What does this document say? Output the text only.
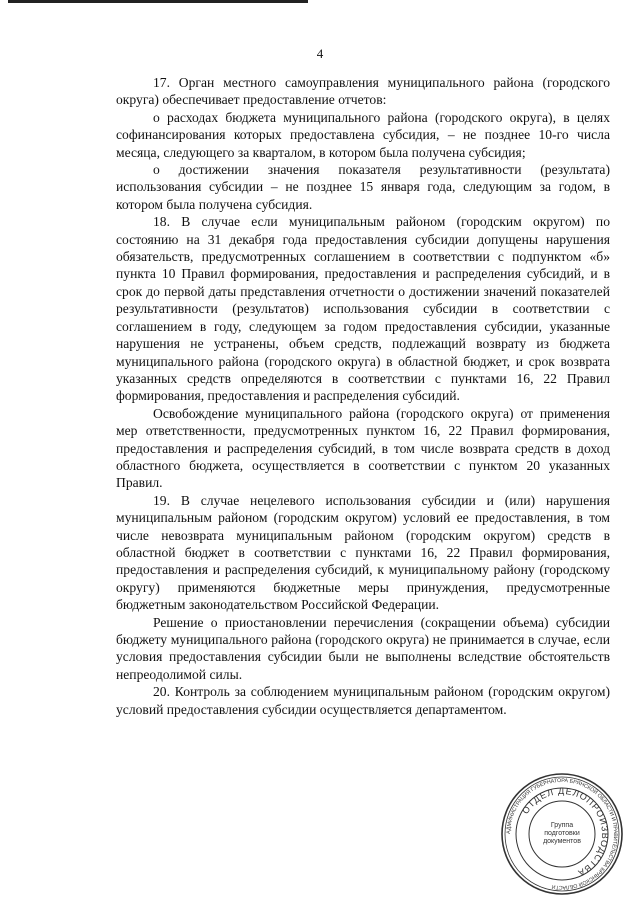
4

17. Орган местного самоуправления муниципального района (городского округа) обеспечивает предоставление отчетов:

о расходах бюджета муниципального района (городского округа), в целях софинансирования которых предоставлена субсидия, – не позднее 10-го числа месяца, следующего за кварталом, в котором была получена субсидия;

о достижении значения показателя результативности (результата) использования субсидии – не позднее 15 января года, следующим за годом, в котором была получена субсидия.

18. В случае если муниципальным районом (городским округом) по состоянию на 31 декабря года предоставления субсидии допущены нарушения обязательств, предусмотренных соглашением в соответствии с подпунктом «б» пункта 10 Правил формирования, предоставления и распределения субсидий, и в срок до первой даты представления отчетности о достижении значений показателей результативности (результатов) использования субсидии в соответствии с соглашением в году, следующем за годом предоставления субсидии, указанные нарушения не устранены, объем средств, подлежащий возврату из бюджета муниципального района (городского округа) в областной бюджет, и срок возврата указанных средств определяются в соответствии с пунктами 16, 22 Правил формирования, предоставления и распределения субсидий.

Освобождение муниципального района (городского округа) от применения мер ответственности, предусмотренных пунктом 16, 22 Правил формирования, предоставления и распределения субсидий, в том числе возврата средств в доход областного бюджета, осуществляется в соответствии с пунктом 20 указанных Правил.

19. В случае нецелевого использования субсидии и (или) нарушения муниципальным районом (городским округом) условий ее предоставления, в том числе невозврата муниципальным районом (городским округом) средств в областной бюджет в соответствии с пунктами 16, 22 Правил формирования, предоставления и распределения субсидий, к муниципальному району (городскому округу) применяются бюджетные меры принуждения, предусмотренные бюджетным законодательством Российской Федерации.

Решение о приостановлении перечисления (сокращении объема) субсидии бюджету муниципального района (городского округа) не принимается в случае, если условия предоставления субсидии были не выполнены вследствие обстоятельств непреодолимой силы.

20. Контроль за соблюдением муниципальным районом (городским округом) условий предоставления субсидии осуществляется департаментом.

АДМИНИСТРАЦИЯ ГУБЕРНАТОРА БРЯНСКОЙ ОБЛАСТИ И ПРАВИТЕЛЬСТВА БРЯНСКОЙ ОБЛАСТИ
ОТДЕЛ ДЕЛОПРОИЗВОДСТВА
Группа
подготовки
документов
